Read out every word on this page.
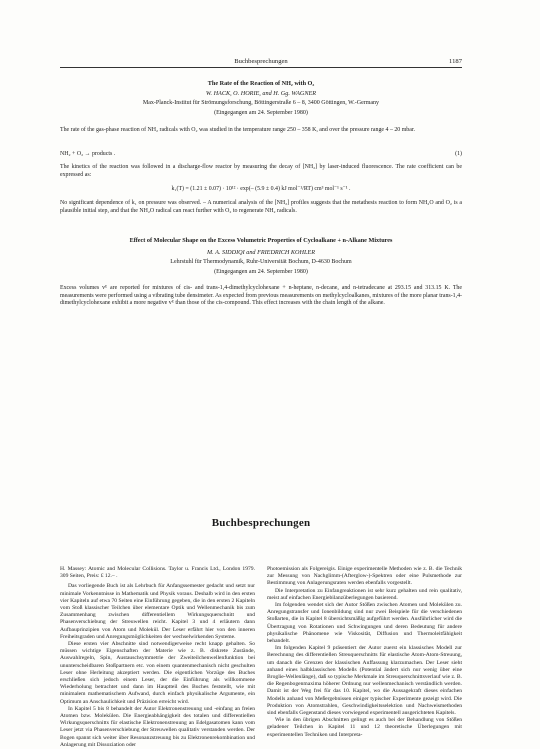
Buchbesprechungen	1187
The Rate of the Reaction of NH₂ with O₂
W. HACK, O. HORIE, and H. Gg. WAGNER
Max-Planck-Institut für Strömungsforschung, Böttingerstraße 6 – 8, 3400 Göttingen, W.-Germany
(Eingegangen am 24. September 1980)
The rate of the gas-phase reaction of NH₂ radicals with O₂ was studied in the temperature range 250 – 358 K, and over the pressure range 4 – 20 mbar.
NH₂ + O₂ → products .	(1)
The kinetics of the reaction was followed in a discharge-flow reactor by measuring the decay of [NH₂] by laser-induced fluorescence. The rate coefficient can be expressed as:
k₁(T) = (1.21 ± 0.07) · 10¹² · exp(– (5.9 ± 0.4) kJ mol⁻¹/RT) cm³ mol⁻¹ s⁻¹ .
No significant dependence of k₁ on pressure was observed. – A numerical analysis of the [NH₂] profiles suggests that the metathesis reaction to form NH₂O and O₂ is a plausible initial step, and that the NH₂O radical can react further with O₂ to regenerate NH₂ radicals.
Effect of Molecular Shape on the Excess Volumetric Properties of Cycloalkane + n-Alkane Mixtures
M. A. SIDDIQI and FRIEDRICH KOHLER
Lehrstuhl für Thermodynamik, Ruhr-Universität Bochum, D-4630 Bochum
(Eingegangen am 24. September 1980)
Excess volumes vᴱ are reported for mixtures of cis- and trans-1,4-dimethylcyclohexane + n-heptane, n-decane, and n-tetradecane at 293.15 and 313.15 K. The measurements were performed using a vibrating tube densimeter. As expected from previous measurements on methylcycloalkanes, mixtures of the more planar trans-1,4-dimethylcyclohexane exhibit a more negative vᴱ than those of the cis-compound. This effect increases with the chain length of the alkane.
Buchbesprechungen

H. Massey: Atomic and Molecular Collisions. Taylor u. Francis Ltd., London 1979. 309 Seiten, Preis: £ 12.– .

Das vorliegende Buch ist als Lehrbuch für Anfangssemester gedacht und setzt nur minimale Vorkenntnisse in Mathematik und Physik voraus. Deshalb wird in den ersten vier Kapiteln auf etwa 70 Seiten eine Einführung gegeben, die in den ersten 2 Kapiteln vom Stoß klassischer Teilchen über elementare Optik und Wellenmechanik bis zum Zusammenhang zwischen differentiellem Wirkungsquerschnitt und Phasenverschiebung der Streuwellen reicht. Kapitel 3 und 4 erläutern dann Aufbauprinzipien von Atom und Molekül. Der Leser erfährt hier von den inneren Freiheitsgraden und Anregungsmöglichkeiten der wechselwirkenden Systeme.

Diese ersten vier Abschnitte sind notwendigerweise recht knapp gehalten. So müssen wichtige Eigenschaften der Materie wie z. B. diskrete Zustände, Auswahlregeln, Spin, Austauschsymmetrie der Zweiteilchenwellenfunktion bei ununterscheidbaren Stoßpartnern etc. von einem quantenmechanisch nicht geschulten Leser ohne Herleitung akzeptiert werden. Die eigentlichen Vorzüge des Buches erschließen sich jedoch einem Leser, der die Einführung als willkommene Wiederholung betrachtet und dann im Hauptteil des Buches feststellt, wie mit minimalem mathematischem Aufwand, durch einfach physikalische Argumente, ein Optimum an Anschaulichkeit und Präzision erreicht wird.

In Kapitel 5 bis 8 behandelt der Autor Elektronenstreuung und -einfang an freien Atomen bzw. Molekülen. Die Energieabhängigkeit des totalen und differentiellen Wirkungsquerschnitts für elastische Elektronenstreuung an Edelgasatomen kann vom Leser jetzt via Phasenverschiebung der Streuwellen qualitativ verstanden werden. Der Bogen spannt sich weiter über Resonanzstreuung bis zu Elektronenrekombination und Anlagerung mit Dissoziation oder

Photoemission als Folgereigis. Einige experimentelle Methoden wie z. B. die Technik zur Messung von Nachglimm-(Afterglow-)-Spektren oder eine Pulsmethode zur Bestimmung von Anlagerungsraten werden ebenfalls vorgestellt.

Die Interpretation zu Einfangreaktionen ist sehr kurz gehalten und rein qualitativ, meist auf einfachen Energiebilanzüberlegungen basierend.

Im folgenden wendet sich der Autor Stößen zwischen Atomen und Molekülen zu. Anregungstransfer und Ionenbildung sind nur zwei Beispiele für die verschiedenen Stoßarten, die in Kapitel 8 übersichtsmäßig aufgeführt werden. Ausführlicher wird die Übertragung von Rotationen und Schwingungen und deren Bedeutung für andere physikalische Phänomene wie Viskosität, Diffusion und Thermoleitfähigkeit behandelt.

Im folgenden Kapitel 9 präsentiert der Autor zuerst ein klassisches Modell zur Berechnung des differentiellen Streuquerschnitts für elastische Atom-Atom-Streuung, um danach die Grenzen der klassischen Auffassung klarzumachen. Der Leser sieht anhand eines halbklassischen Modells (Potential ändert sich nur wenig über eine Broglie-Wellenlänge), daß so typische Merkmale im Streuquerschnittsverlauf wie z. B. die Regenbogenmaxima höherer Ordnung nur wellenmechanisch verständlich werden. Damit ist der Weg frei für das 10. Kapitel, wo die Aussagekraft dieses einfachen Modells anhand von Meßergebnissen einiger typischer Experimente gezeigt wird. Die Produktion von Atomstrahlen, Geschwindigkeitsselektion und Nachweismethoden sind ebenfalls Gegenstand dieses vorwiegend experimentell ausgerichteten Kapitels.

Wie in den übrigen Abschnitten gelingt es auch bei der Behandlung von Stößen geladener Teilchen in Kapitel 11 und 12 theoretische Überlegungen mit experimentellen Techniken und Interpreta-
